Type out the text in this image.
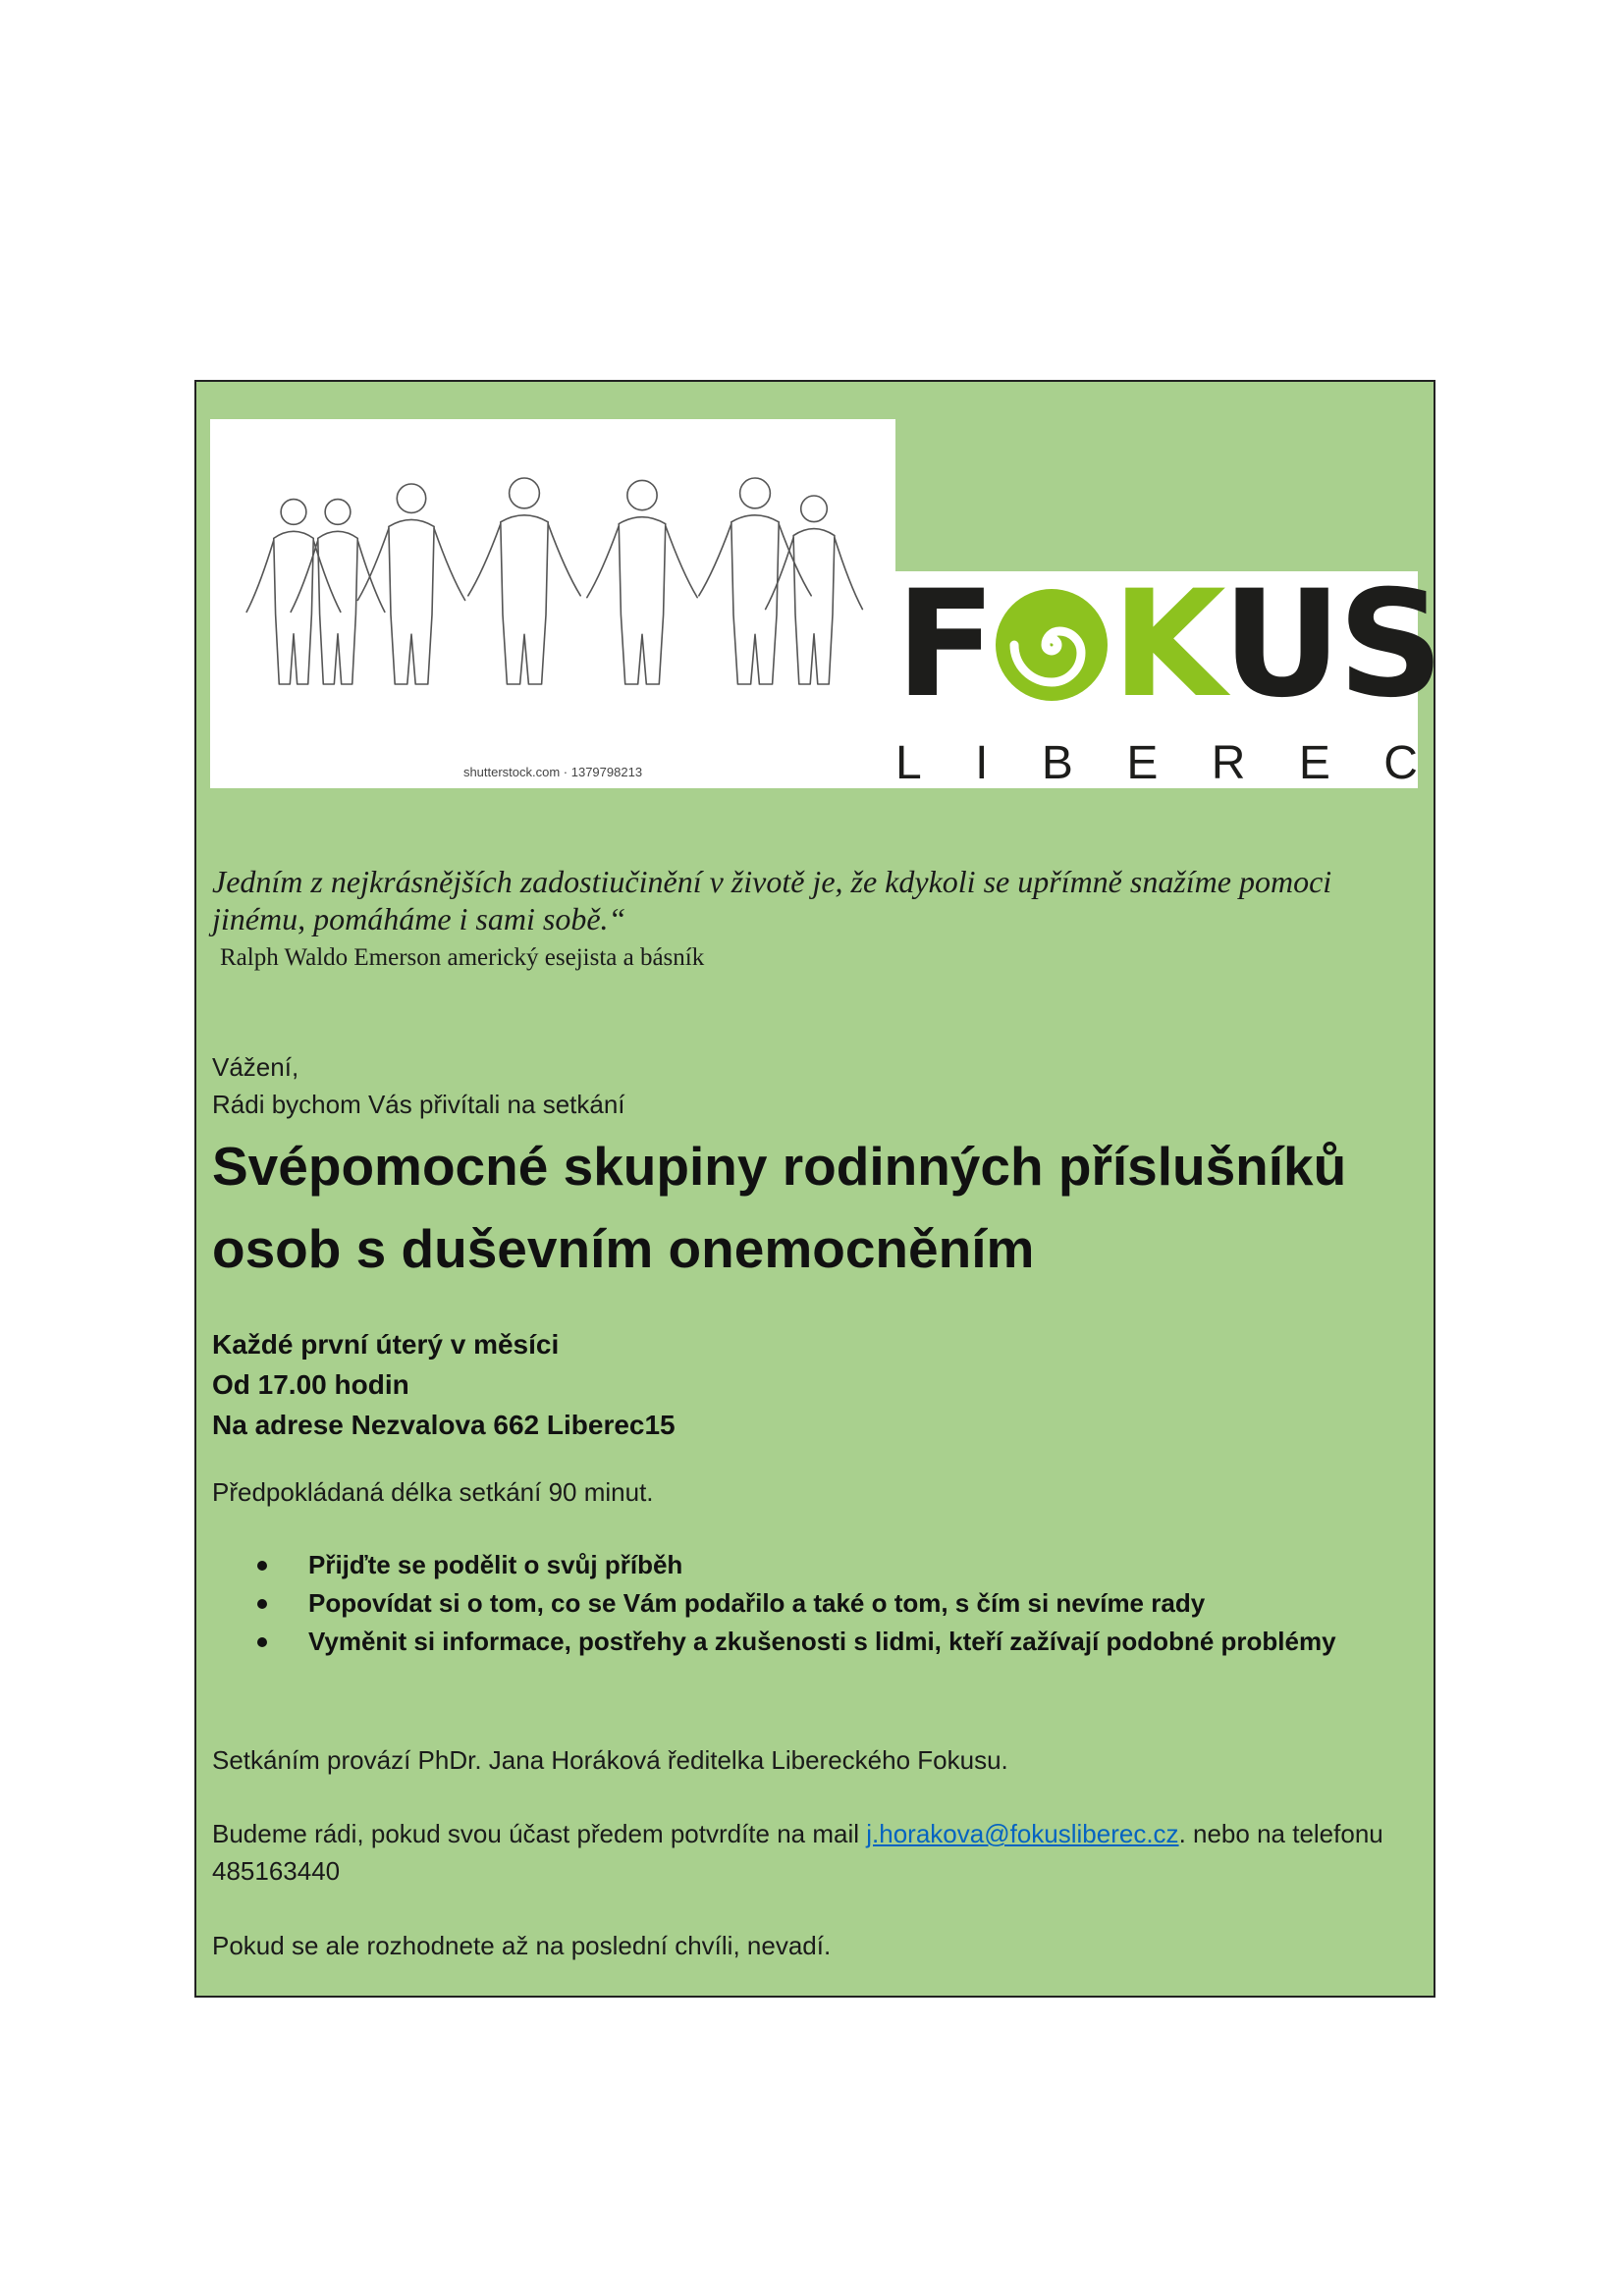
shutterstock.com · 1379798213
F K US
L I B E R E C
Jedním z nejkrásnějších zadostiučinění v životě je, že kdykoli se upřímně snažíme pomoci jinému, pomáháme i sami sobě.“
Ralph Waldo Emerson americký esejista a básník
Vážení,
Rádi bychom Vás přivítali na setkání
Svépomocné skupiny rodinných příslušníků
osob s duševním onemocněním
Každé první úterý v měsíci
Od 17.00 hodin
Na adrese Nezvalova 662 Liberec15
Předpokládaná délka setkání 90 minut.
Přijďte se podělit o svůj příběh
Popovídat si o tom, co se Vám podařilo a také o tom, s čím si nevíme rady
Vyměnit si informace, postřehy a zkušenosti s lidmi, kteří zažívají podobné problémy
Setkáním provází PhDr. Jana Horáková ředitelka Libereckého Fokusu.
Budeme rádi, pokud svou účast předem potvrdíte na mail j.horakova@fokusliberec.cz. nebo na telefonu 485163440
Pokud se ale rozhodnete až na poslední chvíli, nevadí.
